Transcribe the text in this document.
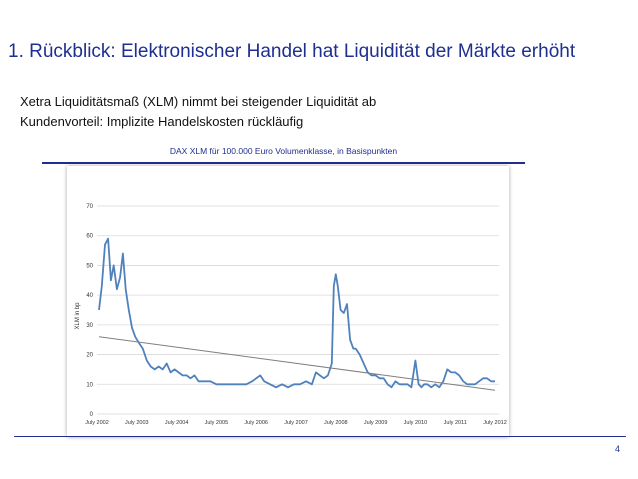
1. Rückblick: Elektronischer Handel hat Liquidität der Märkte erhöht
Xetra Liquiditätsmaß (XLM) nimmt bei steigender Liquidität ab
Kundenvorteil: Implizite Handelskosten rückläufig
DAX XLM für 100.000 Euro Volumenklasse, in Basispunkten
0
10
20
30
40
50
60
70
July 2002	July 2003	July 2004	July 2005	July 2006	July 2007	July 2008	July 2009	July 2010	July 2011	July 2012
XLM in bp
4
